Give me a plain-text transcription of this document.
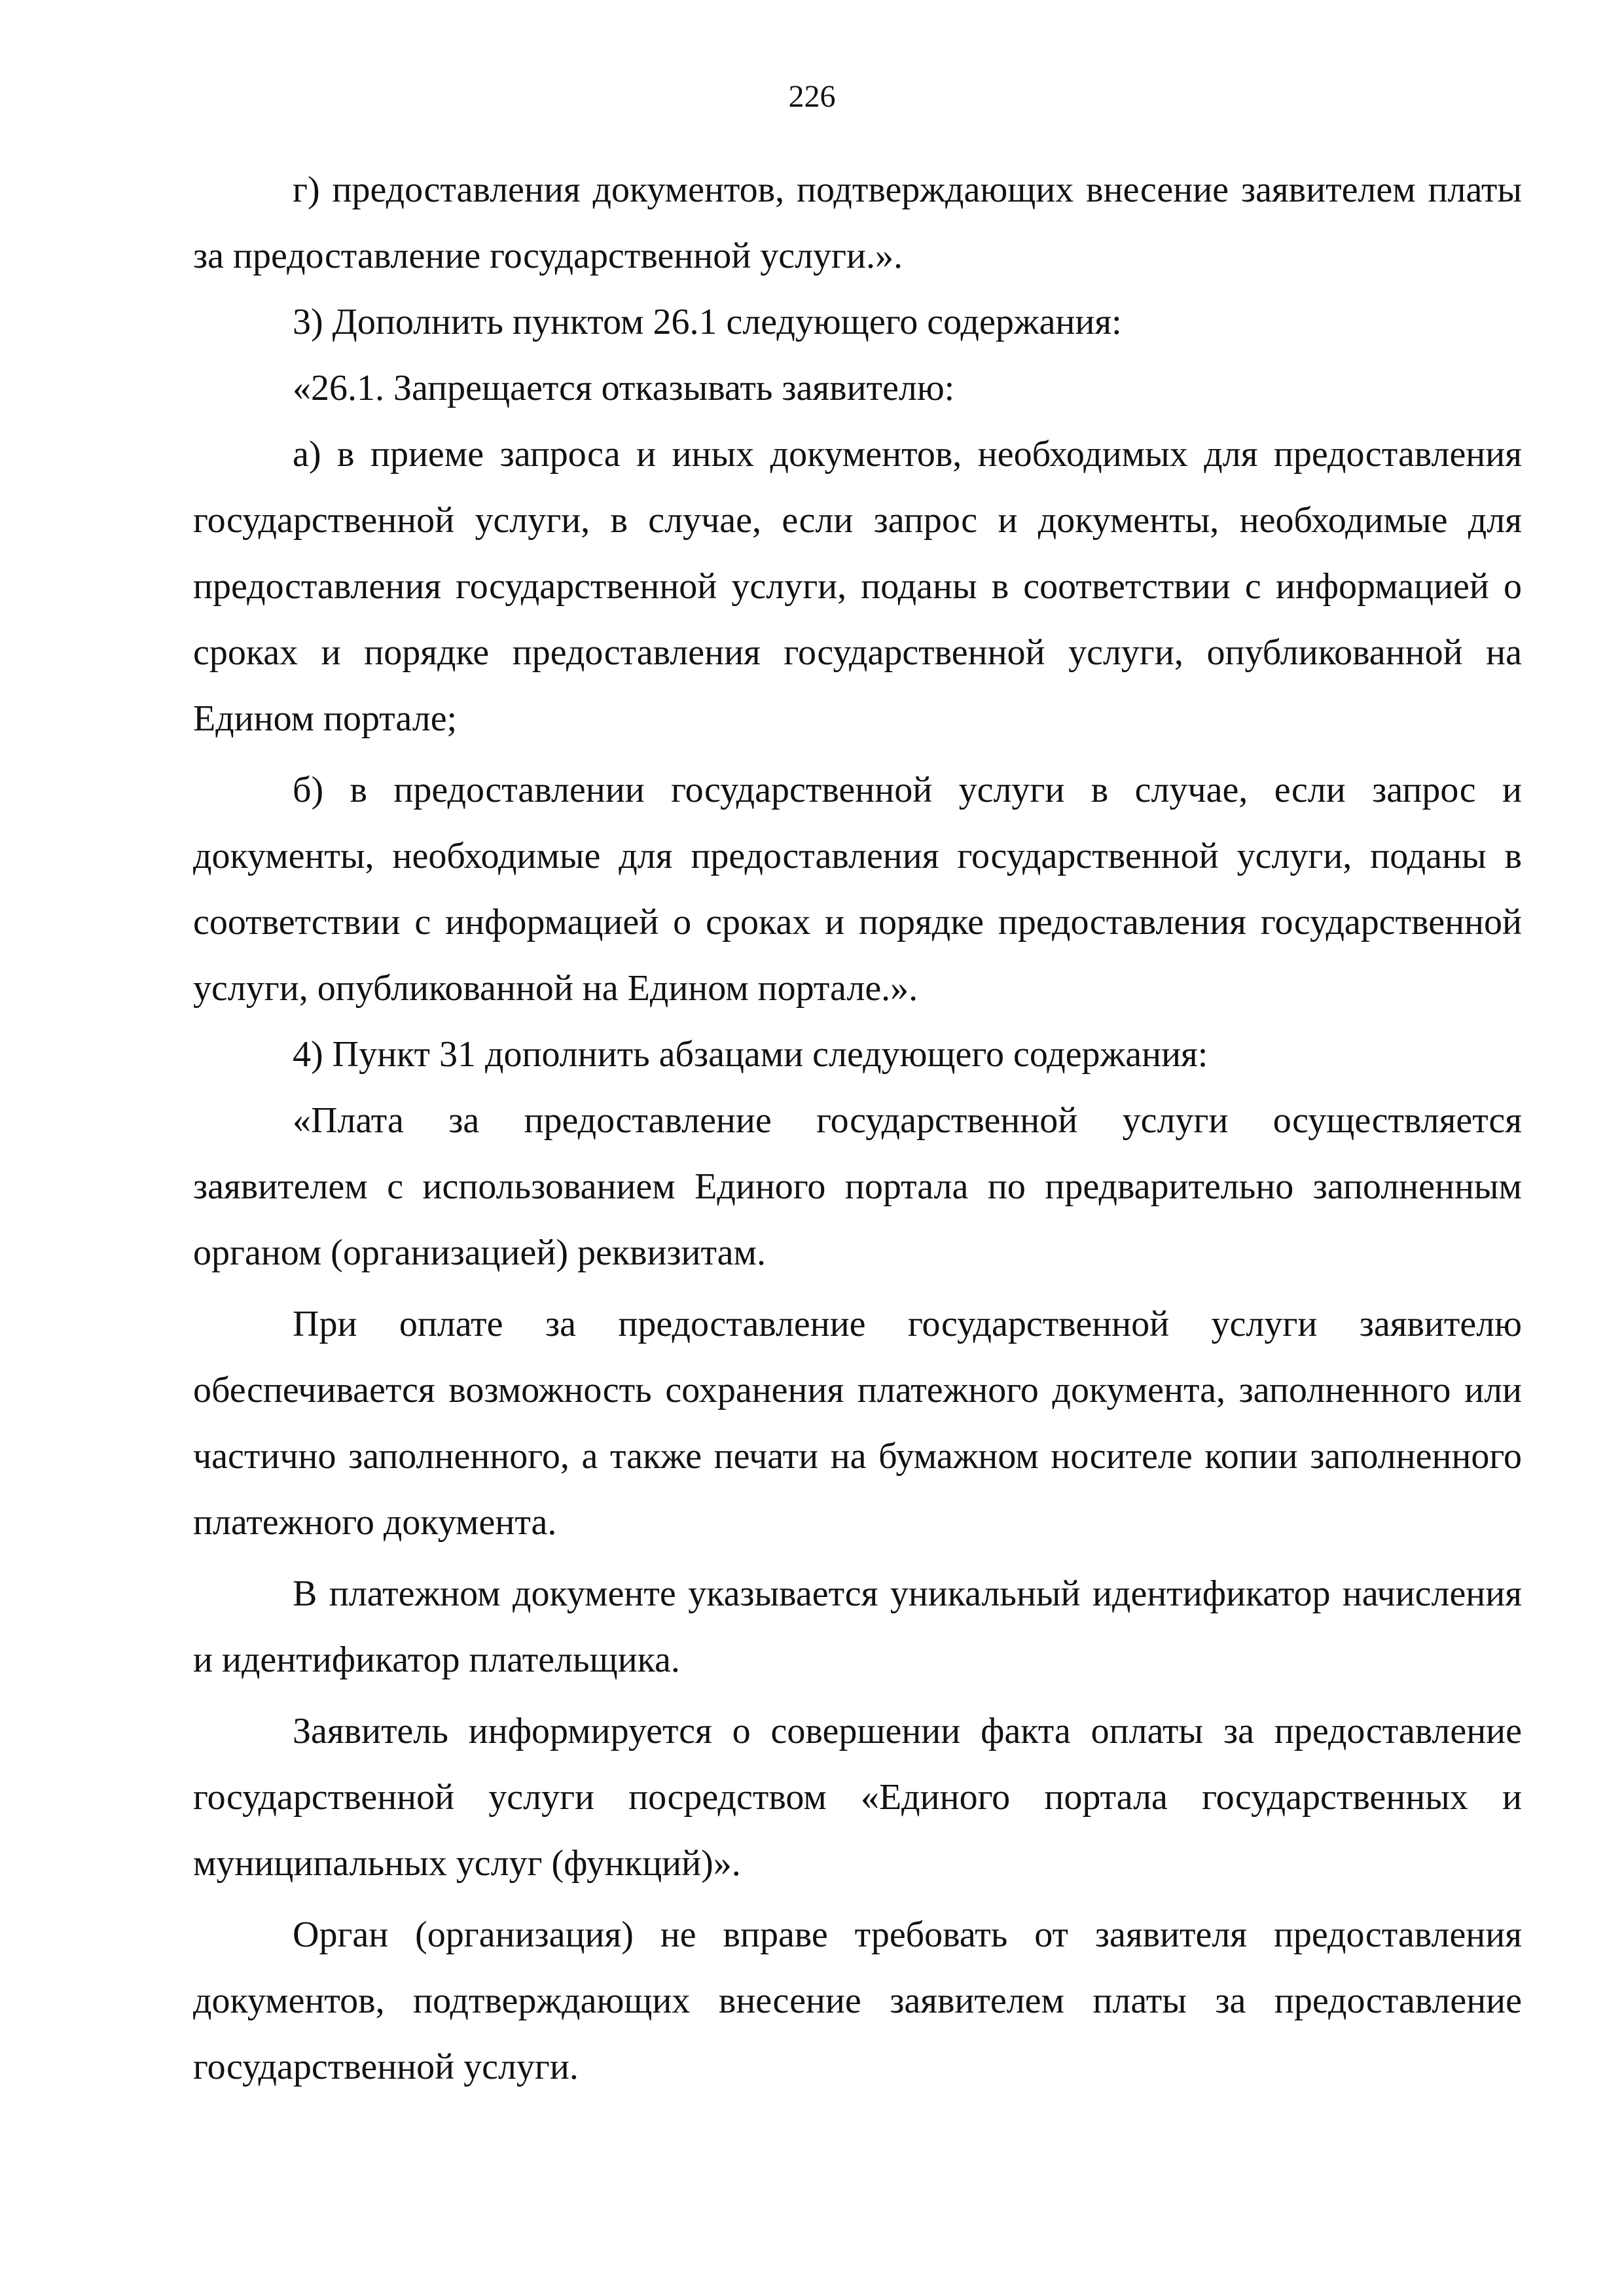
226

г) предоставления документов, подтверждающих внесение заявителем платы за предоставление государственной услуги.».

3) Дополнить пунктом 26.1 следующего содержания:

«26.1. Запрещается отказывать заявителю:

а) в приеме запроса и иных документов, необходимых для предоставления государственной услуги, в случае, если запрос и документы, необходимые для предоставления государственной услуги, поданы в соответствии с информацией о сроках и порядке предоставления государственной услуги, опубликованной на Едином портале;

б) в предоставлении государственной услуги в случае, если запрос и документы, необходимые для предоставления государственной услуги, поданы в соответствии с информацией о сроках и порядке предоставления государственной услуги, опубликованной на Едином портале.».

4) Пункт 31 дополнить абзацами следующего содержания:

«Плата за предоставление государственной услуги осуществляется заявителем с использованием Единого портала по предварительно заполненным органом (организацией) реквизитам.

При оплате за предоставление государственной услуги заявителю обеспечивается возможность сохранения платежного документа, заполненного или частично заполненного, а также печати на бумажном носителе копии заполненного платежного документа.

В платежном документе указывается уникальный идентификатор начисления и идентификатор плательщика.

Заявитель информируется о совершении факта оплаты за предоставление государственной услуги посредством «Единого портала государственных и муниципальных услуг (функций)».

Орган (организация) не вправе требовать от заявителя предоставления документов, подтверждающих внесение заявителем платы за предоставление государственной услуги.
